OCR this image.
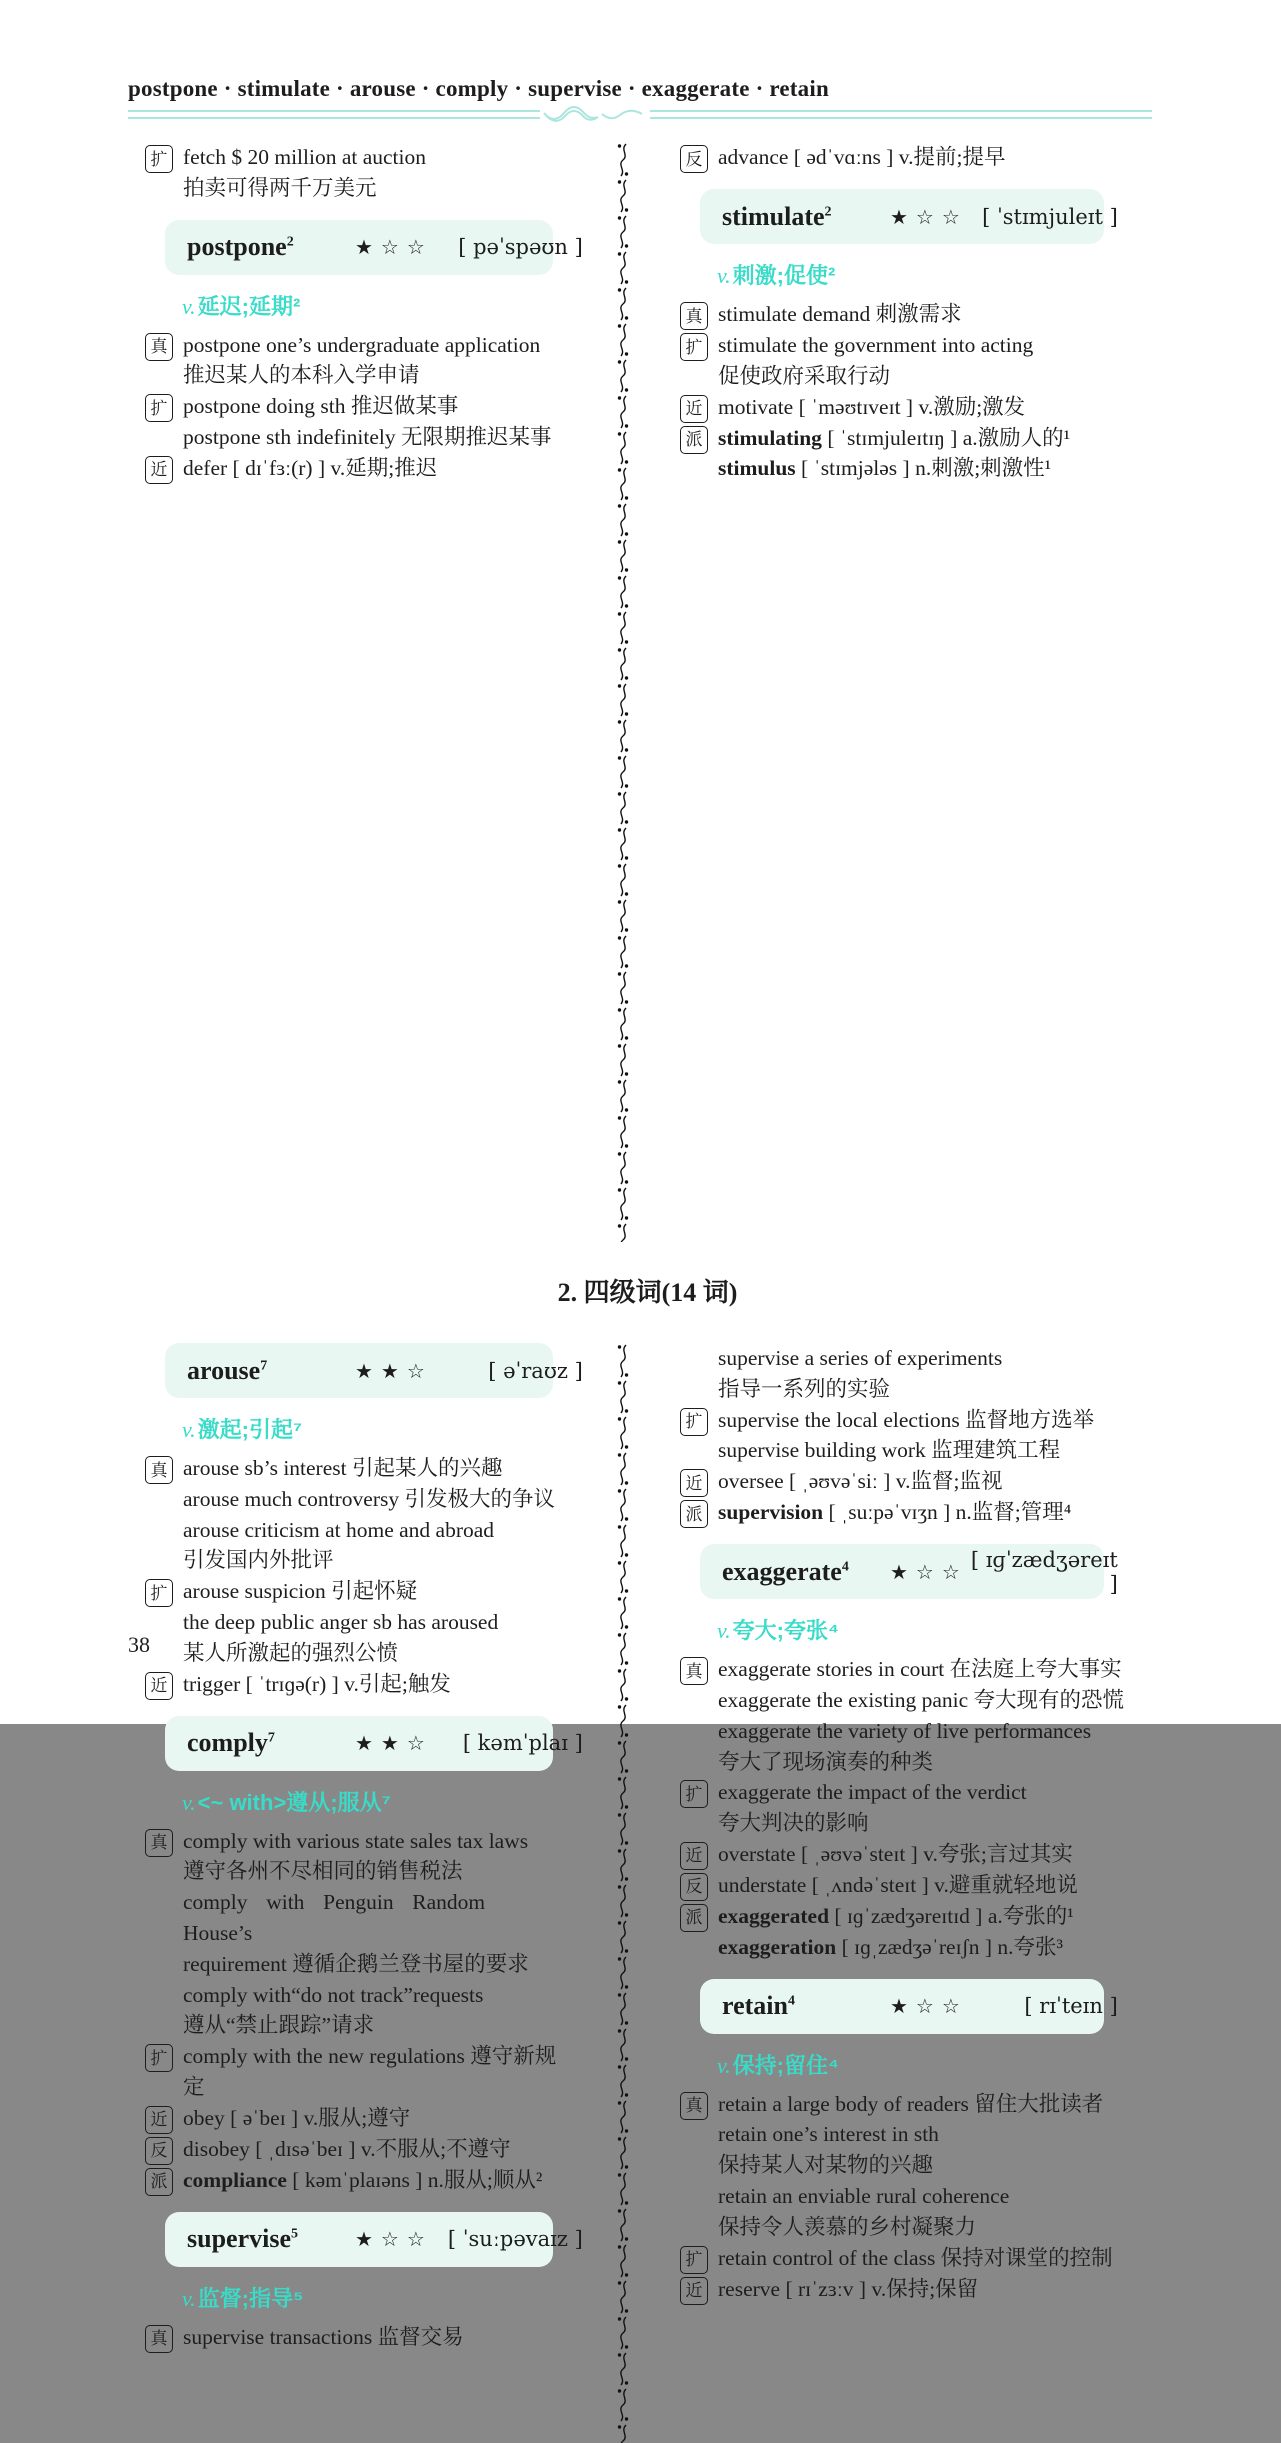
postpone · stimulate · arouse · comply · supervise · exaggerate · retain
扩 fetch $ 20 million at auction
拍卖可得两千万美元
postpone$^2$	★☆☆	[ pəˈspəʊn ]
v.延迟;延期²
真 postpone one’s undergraduate application
推迟某人的本科入学申请
扩 postpone doing sth 推迟做某事
postpone sth indefinitely 无限期推迟某事
近 defer [ dɪˈfɜː(r) ] v.延期;推迟
反 advance [ ədˈvɑːns ] v.提前;提早
stimulate$^2$	★☆☆ [ ˈstɪmjuleɪt ]
v.刺激;促使²
真 stimulate demand 刺激需求
扩 stimulate the government into acting
促使政府采取行动
近 motivate [ ˈməʊtɪveɪt ] v.激励;激发
派 stimulating [ ˈstɪmjuleɪtɪŋ ] a.激励人的¹
stimulus [ ˈstɪmjələs ] n.刺激;刺激性¹
2. 四级词(14 词)
arouse$^7$	★★☆	[ əˈraʊz ]
v.激起;引起⁷
真 arouse sb’s interest 引起某人的兴趣
arouse much controversy 引发极大的争议
arouse criticism at home and abroad
引发国内外批评
扩 arouse suspicion 引起怀疑
the deep public anger sb has aroused
某人所激起的强烈公愤
近 trigger [ ˈtrɪɡə(r) ] v.引起;触发
comply$^7$	★★☆	[ kəmˈplaɪ ]
v.<~ with>遵从;服从⁷
真 comply with various state sales tax laws
遵守各州不尽相同的销售税法
comply with Penguin Random House’s
requirement 遵循企鹅兰登书屋的要求
comply with“do not track”requests
遵从“禁止跟踪”请求
扩 comply with the new regulations 遵守新规定
近 obey [ əˈbeɪ ] v.服从;遵守
反 disobey [ ˌdɪsəˈbeɪ ] v.不服从;不遵守
派 compliance [ kəmˈplaɪəns ] n.服从;顺从²
supervise$^5$	★☆☆ [ ˈsuːpəvaɪz ]
v.监督;指导⁵
真 supervise transactions 监督交易
supervise a series of experiments
指导一系列的实验
扩 supervise the local elections 监督地方选举
supervise building work 监理建筑工程
近 oversee [ ˌəʊvəˈsiː ] v.监督;监视
派 supervision [ ˌsuːpəˈvɪʒn ] n.监督;管理⁴
exaggerate$^4$	★☆☆ [ ɪɡˈzædʒəreɪt ]
v.夸大;夸张⁴
真 exaggerate stories in court 在法庭上夸大事实
exaggerate the existing panic 夸大现有的恐慌
exaggerate the variety of live performances
夸大了现场演奏的种类
扩 exaggerate the impact of the verdict
夸大判决的影响
近 overstate [ ˌəʊvəˈsteɪt ] v.夸张;言过其实
反 understate [ ˌʌndəˈsteɪt ] v.避重就轻地说
派 exaggerated [ ɪɡˈzædʒəreɪtɪd ] a.夸张的¹
exaggeration [ ɪɡˌzædʒəˈreɪʃn ] n.夸张³
retain$^4$	★☆☆	[ rɪˈteɪn ]
v.保持;留住⁴
真 retain a large body of readers 留住大批读者
retain one’s interest in sth
保持某人对某物的兴趣
retain an enviable rural coherence
保持令人羡慕的乡村凝聚力
扩 retain control of the class 保持对课堂的控制
近 reserve [ rɪˈzɜːv ] v.保持;保留
38
